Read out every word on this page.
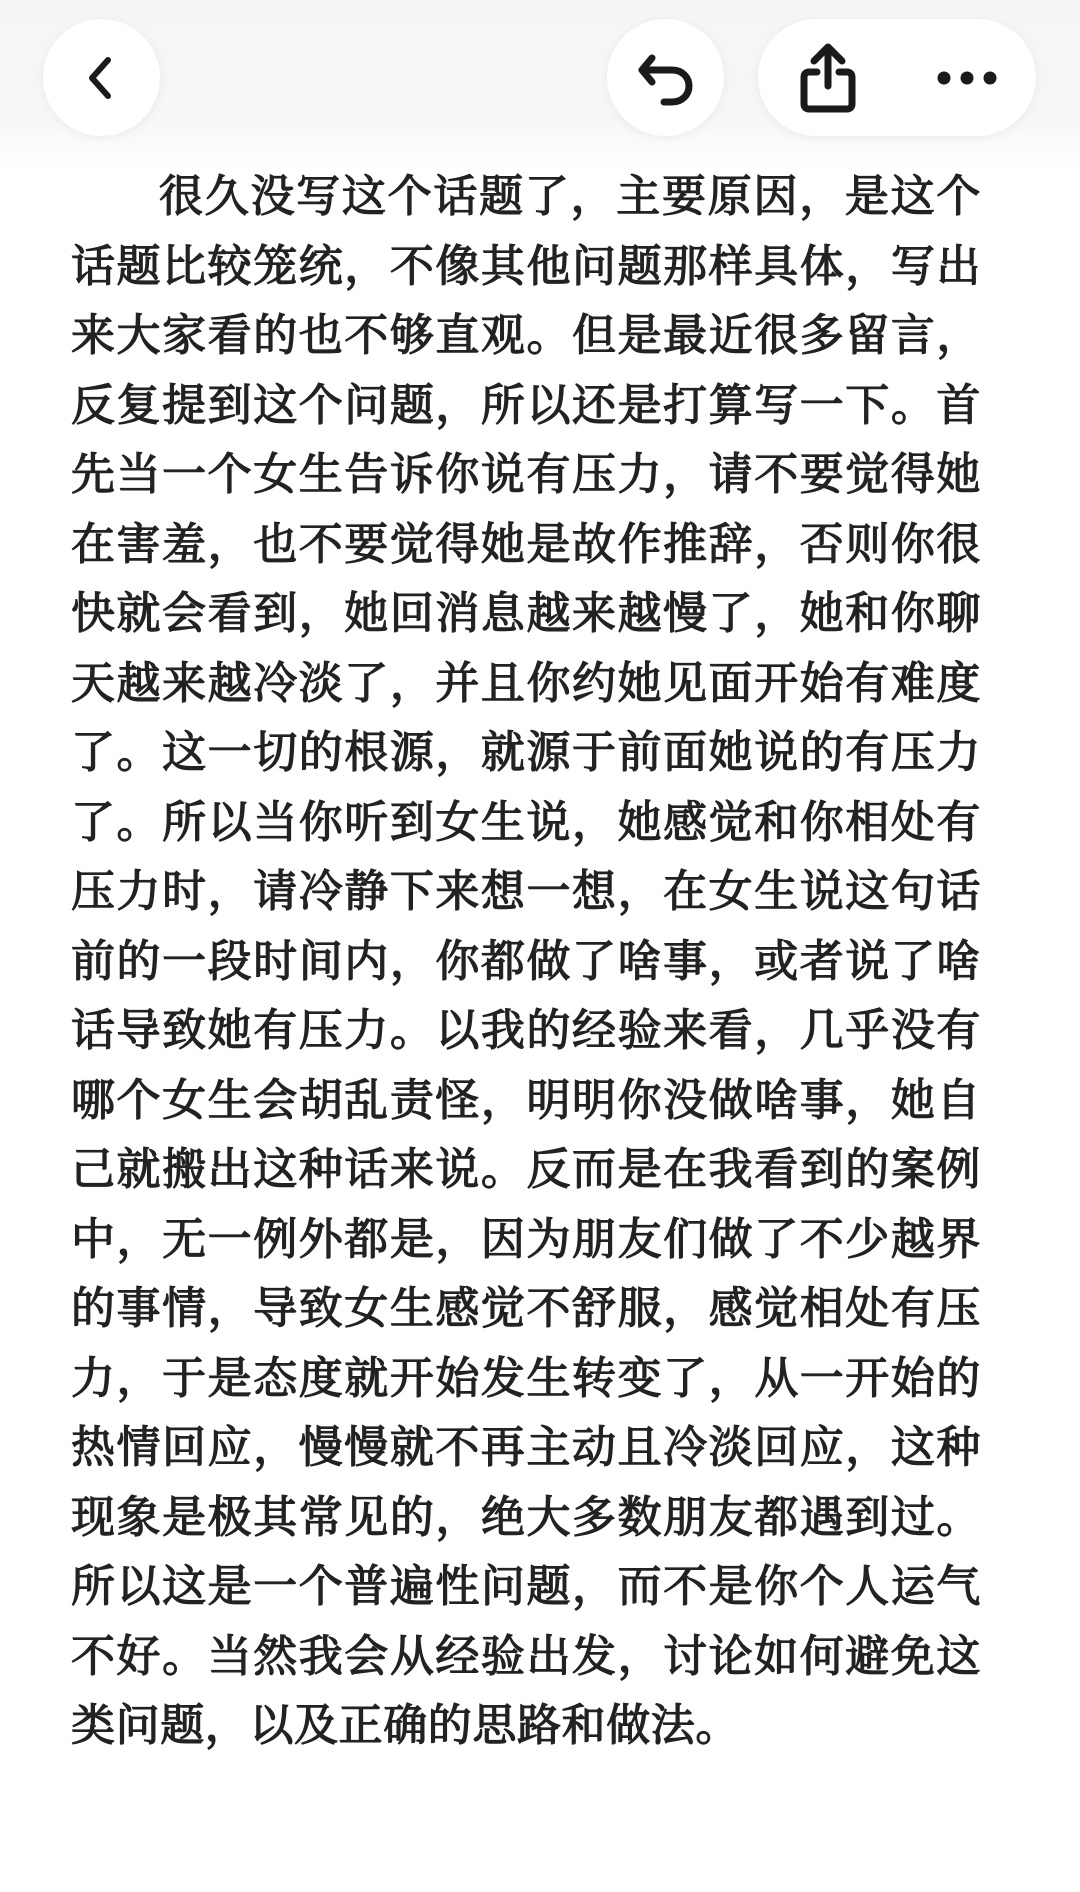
很久没写这个话题了，主要原因，是这个话题比较笼统，不像其他问题那样具体，写出来大家看的也不够直观。但是最近很多留言，反复提到这个问题，所以还是打算写一下。首先当一个女生告诉你说有压力，请不要觉得她在害羞，也不要觉得她是故作推辞，否则你很快就会看到，她回消息越来越慢了，她和你聊天越来越冷淡了，并且你约她见面开始有难度了。这一切的根源，就源于前面她说的有压力了。所以当你听到女生说，她感觉和你相处有压力时，请冷静下来想一想，在女生说这句话前的一段时间内，你都做了啥事，或者说了啥话导致她有压力。以我的经验来看，几乎没有哪个女生会胡乱责怪，明明你没做啥事，她自己就搬出这种话来说。反而是在我看到的案例中，无一例外都是，因为朋友们做了不少越界的事情，导致女生感觉不舒服，感觉相处有压力，于是态度就开始发生转变了，从一开始的热情回应，慢慢就不再主动且冷淡回应，这种现象是极其常见的，绝大多数朋友都遇到过。所以这是一个普遍性问题，而不是你个人运气不好。当然我会从经验出发，讨论如何避免这类问题，以及正确的思路和做法。
